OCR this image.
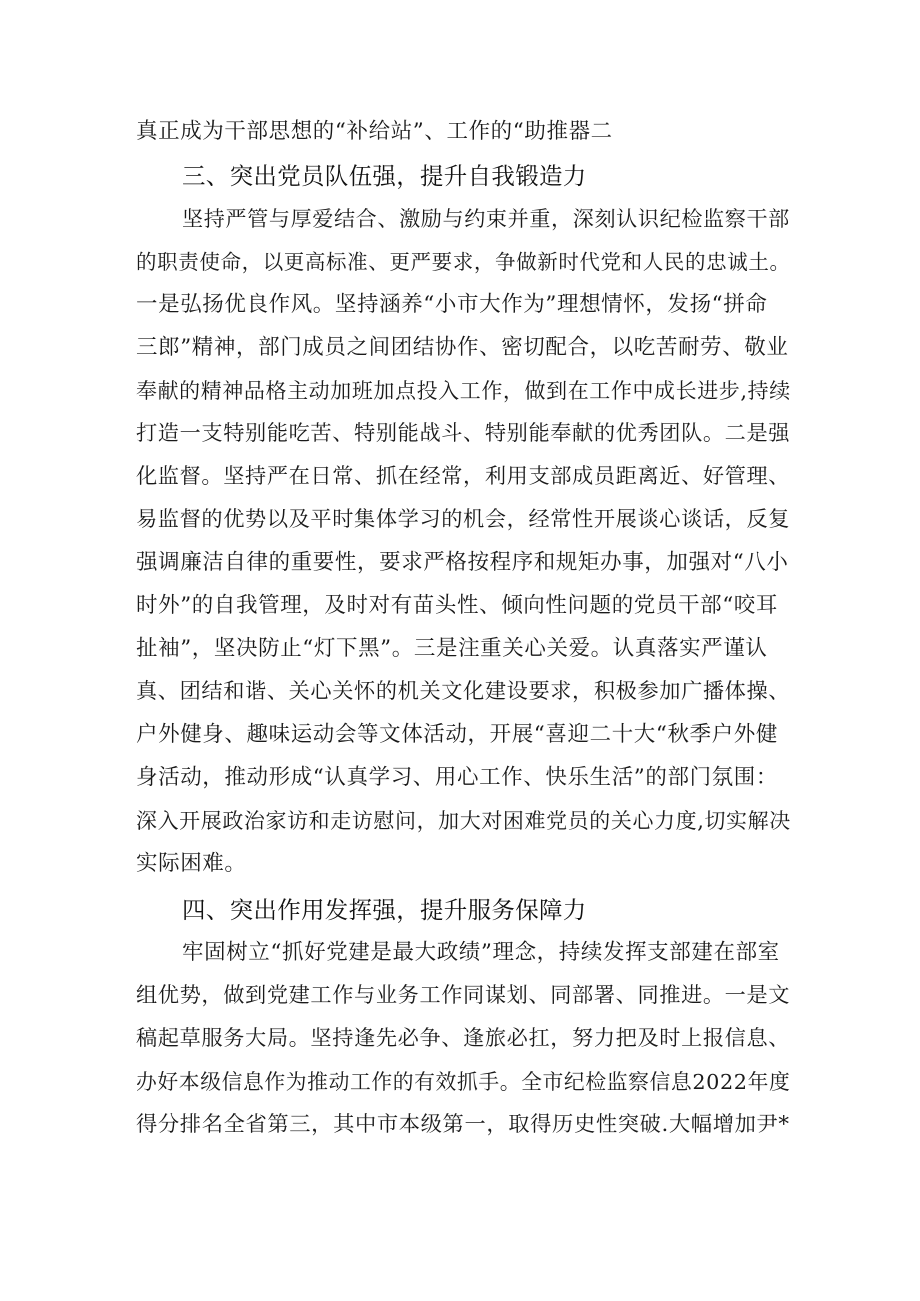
真正成为干部思想的“补给站”、工作的“助推器二
三、突出党员队伍强，提升自我锻造力
坚持严管与厚爱结合、激励与约束并重，深刻认识纪检监察干部
的职责使命，以更高标准、更严要求，争做新时代党和人民的忠诚土。
一是弘扬优良作风。坚持涵养“小市大作为”理想情怀，发扬“拼命
三郎”精神，部门成员之间团结协作、密切配合，以吃苦耐劳、敬业
奉献的精神品格主动加班加点投入工作，做到在工作中成长进步,持续
打造一支特别能吃苦、特别能战斗、特别能奉献的优秀团队。二是强
化监督。坚持严在日常、抓在经常，利用支部成员距离近、好管理、
易监督的优势以及平时集体学习的机会，经常性开展谈心谈话，反复
强调廉洁自律的重要性，要求严格按程序和规矩办事，加强对“八小
时外”的自我管理，及时对有苗头性、倾向性问题的党员干部“咬耳
扯袖”，坚决防止“灯下黑”。三是注重关心关爱。认真落实严谨认
真、团结和谐、关心关怀的机关文化建设要求，积极参加广播体操、
户外健身、趣味运动会等文体活动，开展“喜迎二十大“秋季户外健
身活动，推动形成“认真学习、用心工作、快乐生活”的部门氛围：
深入开展政治家访和走访慰问，加大对困难党员的关心力度,切实解决
实际困难。
四、突出作用发挥强，提升服务保障力
牢固树立“抓好党建是最大政绩”理念，持续发挥支部建在部室
组优势，做到党建工作与业务工作同谋划、同部署、同推进。一是文
稿起草服务大局。坚持逢先必争、逢旅必扛，努力把及时上报信息、
办好本级信息作为推动工作的有效抓手。全市纪检监察信息2022年度
得分排名全省第三，其中市本级第一，取得历史性突破.大幅增加尹*
